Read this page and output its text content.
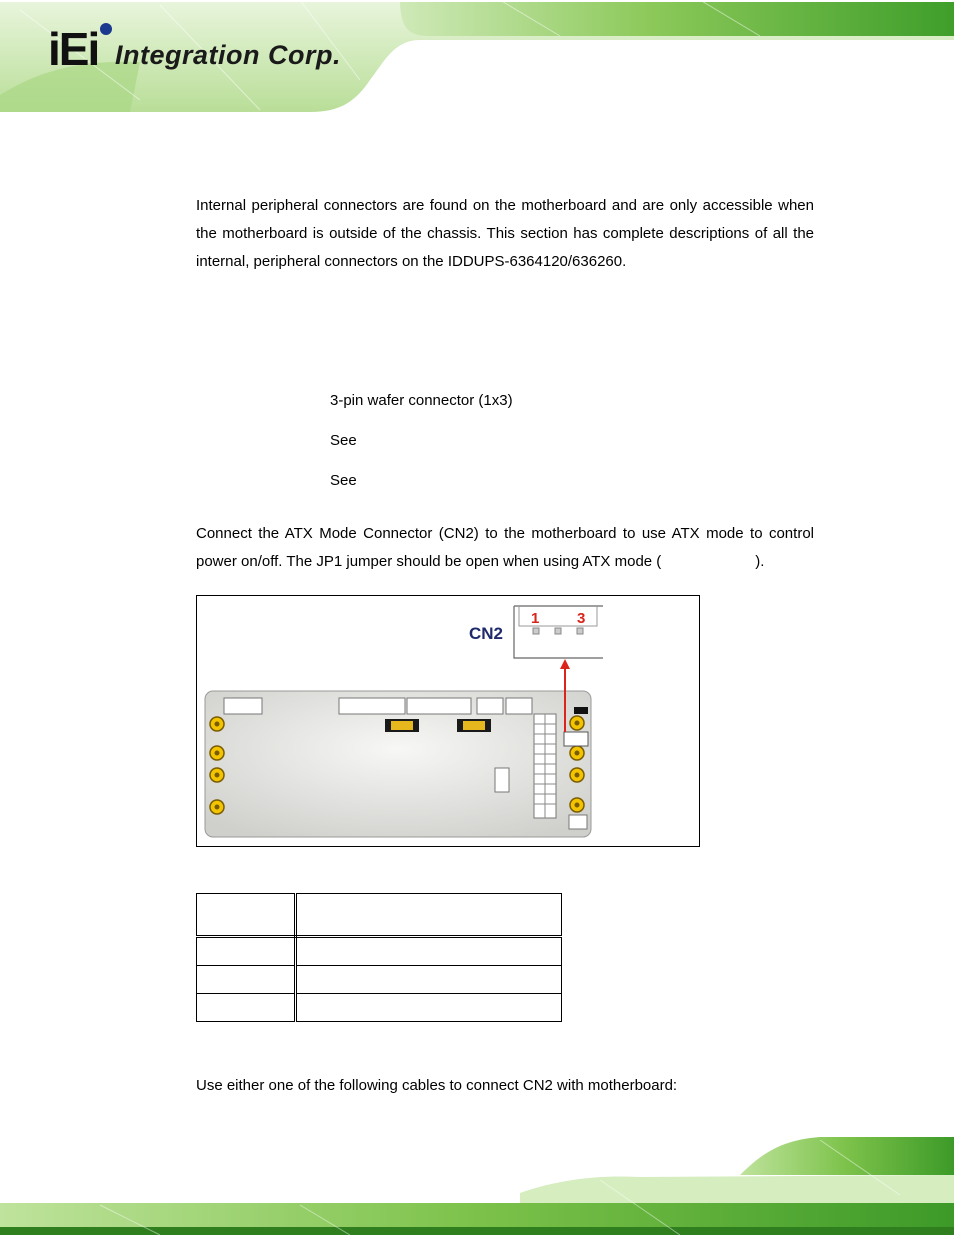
iEi Integration Corp.
Internal peripheral connectors are found on the motherboard and are only accessible when the motherboard is outside of the chassis. This section has complete descriptions of all the internal, peripheral connectors on the IDDUPS-6364120/636260.
3-pin wafer connector (1x3)
See
See
Connect the ATX Mode Connector (CN2) to the motherboard to use ATX mode to control power on/off. The JP1 jumper should be open when using ATX mode (	).
CN2
1	3

Use either one of the following cables to connect CN2 with motherboard:
